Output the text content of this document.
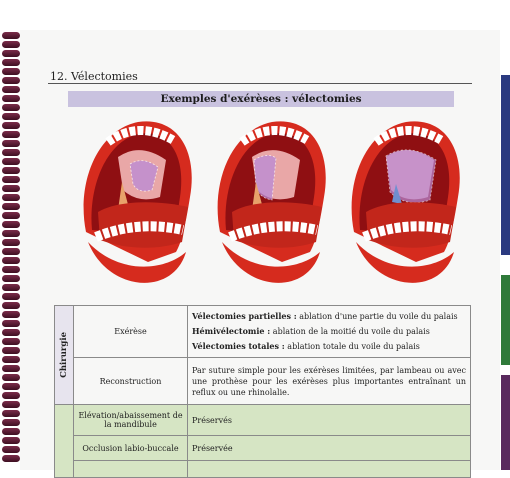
12. Vélectomies
Exemples d'exérèses : vélectomies
Chirurgie	Exérèse	Vélectomies partielles : ablation d'une partie du voile du palais
Hémivélectomie : ablation de la moitié du voile du palais
Vélectomies totales : ablation totale du voile du palais

	Reconstruction	Par suture simple pour les exérèses limitées, par lambeau ou avec une prothèse pour les exérèses plus importantes entraînant un reflux ou une rhinolalie.
	Elévation/abaissement de la mandibule	Préservés
	Occlusion labio-buccale	Préservée
